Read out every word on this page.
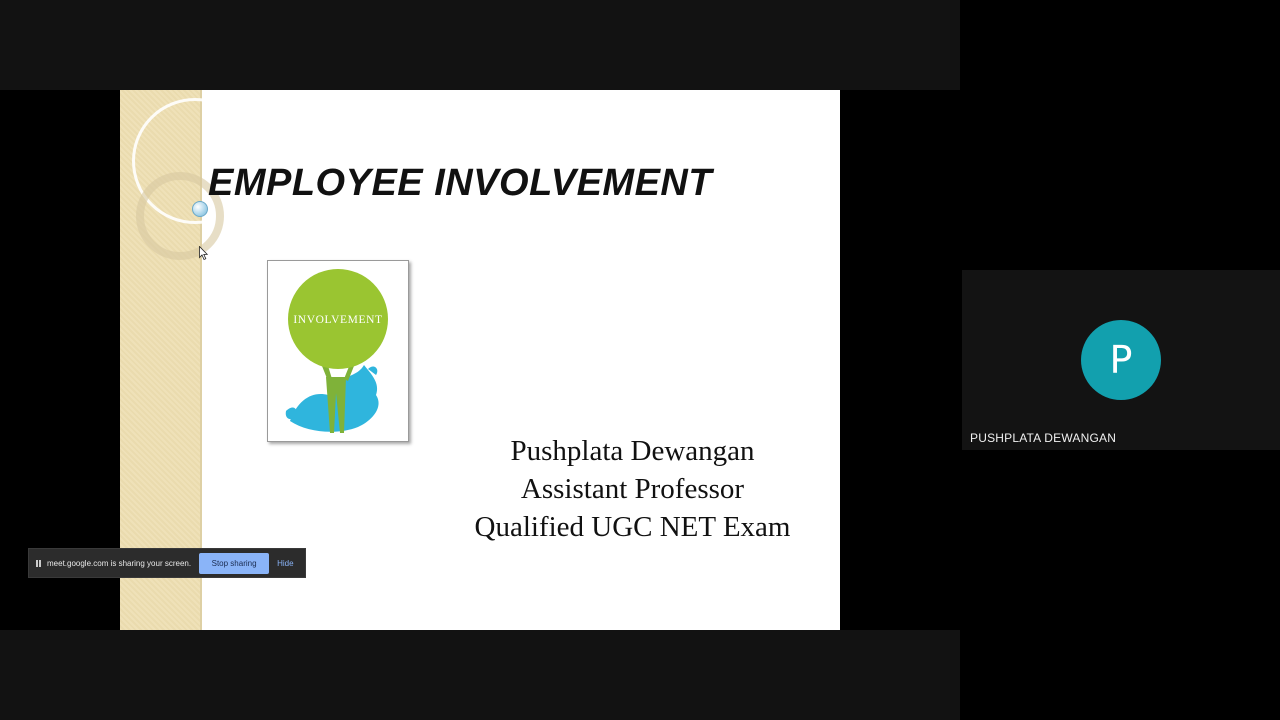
EMPLOYEE INVOLVEMENT
INVOLVEMENT
Pushplata Dewangan
Assistant Professor
Qualified UGC NET Exam
meet.google.com is sharing your screen.	Stop sharing	Hide
P
PUSHPLATA DEWANGAN
